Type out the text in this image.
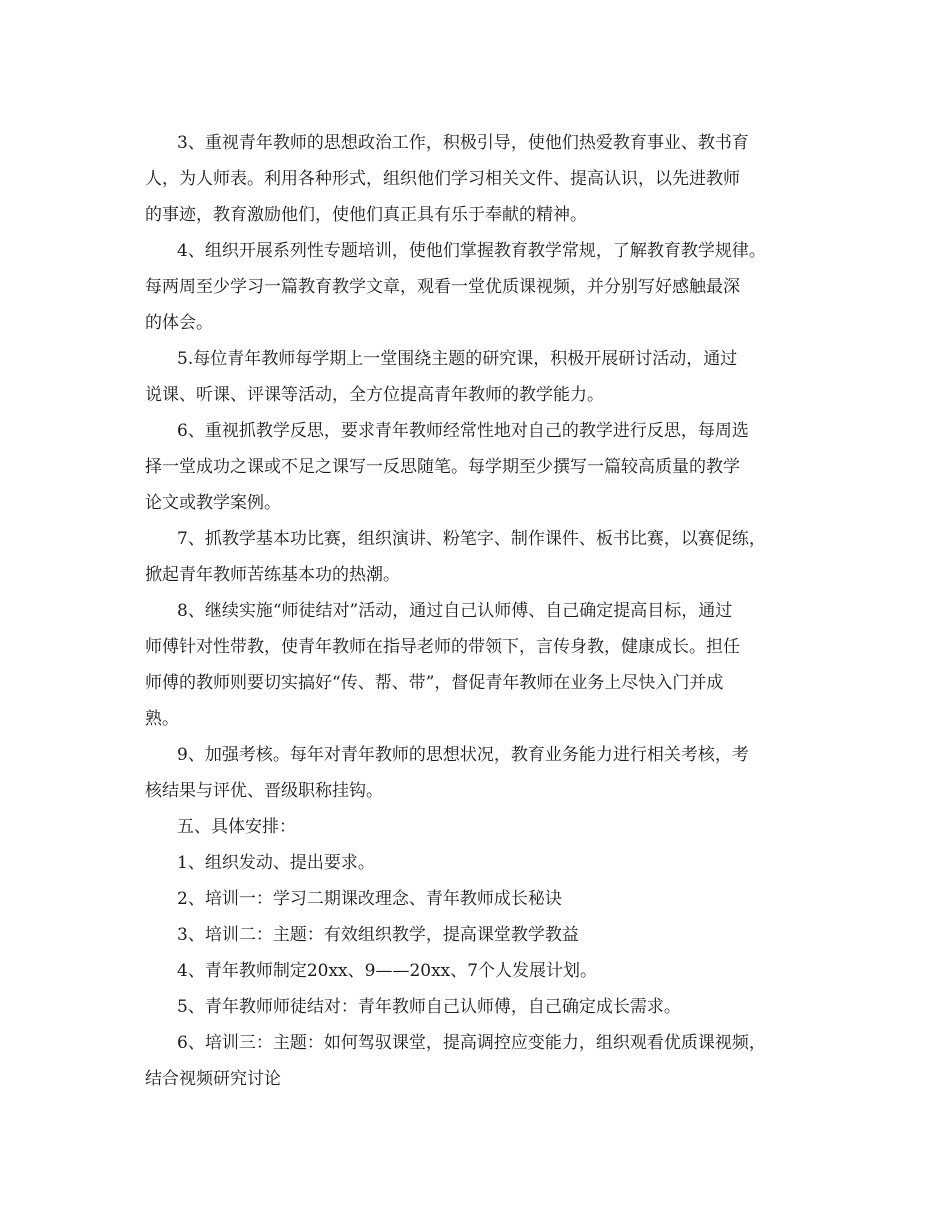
3、重视青年教师的思想政治工作，积极引导，使他们热爱教育事业、教书育
人，为人师表。利用各种形式，组织他们学习相关文件、提高认识，以先进教师
的事迹，教育激励他们，使他们真正具有乐于奉献的精神。
4、组织开展系列性专题培训，使他们掌握教育教学常规，了解教育教学规律。
每两周至少学习一篇教育教学文章，观看一堂优质课视频，并分别写好感触最深
的体会。
5.每位青年教师每学期上一堂围绕主题的研究课，积极开展研讨活动，通过
说课、听课、评课等活动，全方位提高青年教师的教学能力。
6、重视抓教学反思，要求青年教师经常性地对自己的教学进行反思，每周选
择一堂成功之课或不足之课写一反思随笔。每学期至少撰写一篇较高质量的教学
论文或教学案例。
7、抓教学基本功比赛，组织演讲、粉笔字、制作课件、板书比赛，以赛促练，
掀起青年教师苦练基本功的热潮。
8、继续实施“师徒结对”活动，通过自己认师傅、自己确定提高目标，通过
师傅针对性带教，使青年教师在指导老师的带领下，言传身教，健康成长。担任
师傅的教师则要切实搞好“传、帮、带”，督促青年教师在业务上尽快入门并成
熟。
9、加强考核。每年对青年教师的思想状况，教育业务能力进行相关考核，考
核结果与评优、晋级职称挂钩。
五、具体安排：
1、组织发动、提出要求。
2、培训一：学习二期课改理念、青年教师成长秘诀
3、培训二：主题：有效组织教学，提高课堂教学教益
4、青年教师制定20xx、9——20xx、7个人发展计划。
5、青年教师师徒结对：青年教师自己认师傅，自己确定成长需求。
6、培训三：主题：如何驾驭课堂，提高调控应变能力，组织观看优质课视频，
结合视频研究讨论
